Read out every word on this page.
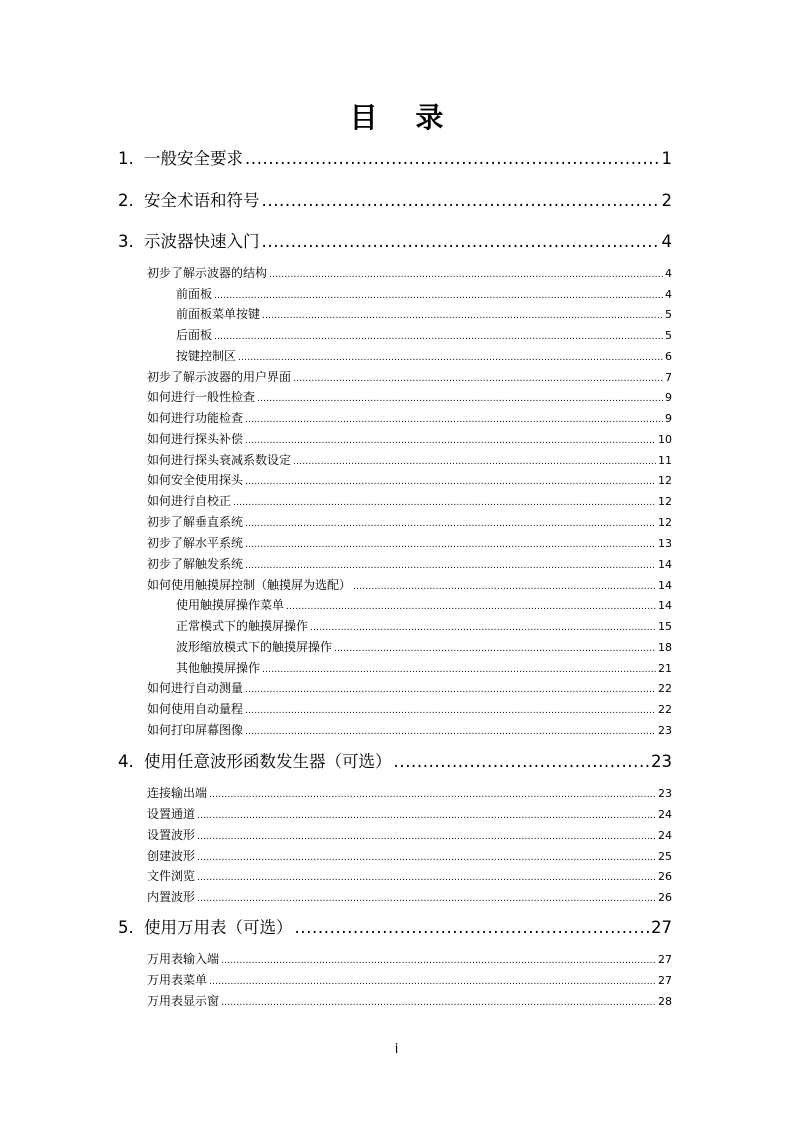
目 录
1. 一般安全要求 .....	1
2. 安全术语和符号 .....	2
3. 示波器快速入门 .....	4
初步了解示波器的结构 .....	4
前面板 .....	4
前面板菜单按键 .....	5
后面板 .....	5
按键控制区 .....	6
初步了解示波器的用户界面 .....	7
如何进行一般性检查 .....	9
如何进行功能检查 .....	9
如何进行探头补偿 .....	10
如何进行探头衰减系数设定 .....	11
如何安全使用探头 .....	12
如何进行自校正 .....	12
初步了解垂直系统 .....	12
初步了解水平系统 .....	13
初步了解触发系统 .....	14
如何使用触摸屏控制（触摸屏为选配） .....	14
使用触摸屏操作菜单 .....	14
正常模式下的触摸屏操作 .....	15
波形缩放模式下的触摸屏操作 .....	18
其他触摸屏操作 .....	21
如何进行自动测量 .....	22
如何使用自动量程 .....	22
如何打印屏幕图像 .....	23
4. 使用任意波形函数发生器（可选） .....	23
连接输出端 .....	23
设置通道 .....	24
设置波形 .....	24
创建波形 .....	25
文件浏览 .....	26
内置波形 .....	26
5. 使用万用表（可选） .....	27
万用表输入端 .....	27
万用表菜单 .....	27
万用表显示窗 .....	28
i
